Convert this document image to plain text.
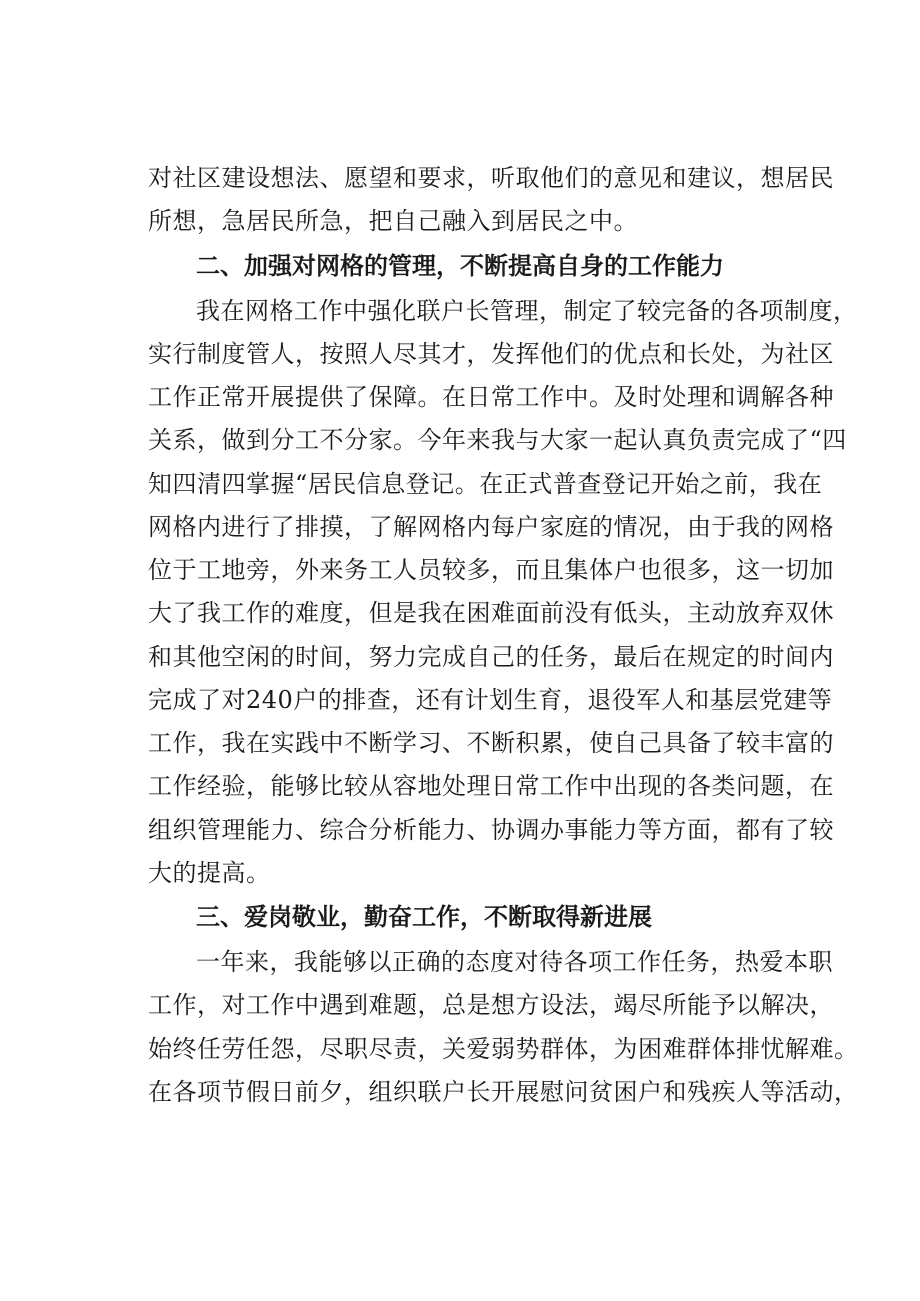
对社区建设想法、愿望和要求，听取他们的意见和建议，想居民
所想，急居民所急，把自己融入到居民之中。
二、加强对网格的管理，不断提高自身的工作能力
我在网格工作中强化联户长管理，制定了较完备的各项制度，
实行制度管人，按照人尽其才，发挥他们的优点和长处，为社区
工作正常开展提供了保障。在日常工作中。及时处理和调解各种
关系，做到分工不分家。今年来我与大家一起认真负责完成了“四
知四清四掌握“居民信息登记。在正式普查登记开始之前，我在
网格内进行了排摸，了解网格内每户家庭的情况，由于我的网格
位于工地旁，外来务工人员较多，而且集体户也很多，这一切加
大了我工作的难度，但是我在困难面前没有低头，主动放弃双休
和其他空闲的时间，努力完成自己的任务，最后在规定的时间内
完成了对240户的排查，还有计划生育，退役军人和基层党建等
工作，我在实践中不断学习、不断积累，使自己具备了较丰富的
工作经验，能够比较从容地处理日常工作中出现的各类问题，在
组织管理能力、综合分析能力、协调办事能力等方面，都有了较
大的提高。
三、爱岗敬业，勤奋工作，不断取得新进展
一年来，我能够以正确的态度对待各项工作任务，热爱本职
工作，对工作中遇到难题，总是想方设法，竭尽所能予以解决，
始终任劳任怨，尽职尽责，关爱弱势群体，为困难群体排忧解难。
在各项节假日前夕，组织联户长开展慰问贫困户和残疾人等活动，
